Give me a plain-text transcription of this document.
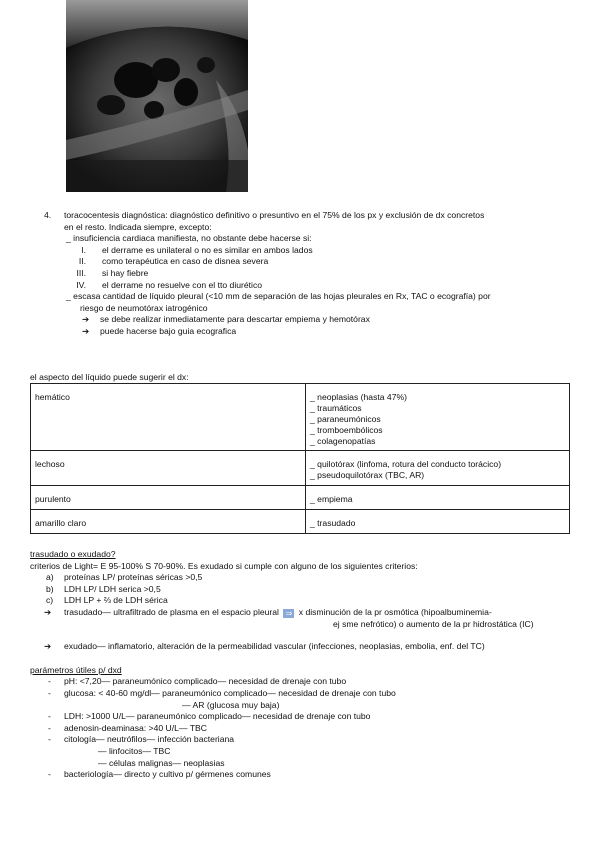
4. toracocentesis diagnóstica: diagnóstico definitivo o presuntivo en el 75% de los px y exclusión de dx concretos
en el resto. Indicada siempre, excepto:
_ insuficiencia cardiaca manifiesta, no obstante debe hacerse si:
I. el derrame es unilateral o no es similar en ambos lados
II. como terapéutica en caso de disnea severa
III. si hay fiebre
IV. el derrame no resuelve con el tto diurético
_ escasa cantidad de líquido pleural (<10 mm de separación de las hojas pleurales en Rx, TAC o ecografía) por
riesgo de neumotórax iatrogénico
➔ se debe realizar inmediatamente para descartar empiema y hemotórax
➔ puede hacerse bajo guia ecografica
el aspecto del líquido puede sugerir el dx:
hemático	_ neoplasias (hasta 47%)
_ traumáticos
_ paraneumónicos
_ tromboembólicos
_ colagenopatías

lechoso	_ quilotórax (linfoma, rotura del conducto torácico)
_ pseudoquilotórax (TBC, AR)

purulento	_ empiema

amarillo claro	_ trasudado
trasudado o exudado?
criterios de Light= E 95-100% S 70-90%. Es exudado si cumple con alguno de los siguientes criterios:
a) proteínas LP/ proteínas séricas >0,5
b) LDH LP/ LDH serica >0,5
c) LDH LP + ⅔ de LDH sérica
➔ trasudado— ultrafiltrado de plasma en el espacio pleural ⇒ x disminución de la pr osmótica (hipoalbuminemia-
ej sme nefrótico) o aumento de la pr hidrostática (IC)
➔ exudado— inflamatorio, alteración de la permeabilidad vascular (infecciones, neoplasias, embolia, enf. del TC)
parámetros útiles p/ dxd
- pH: <7,20— paraneumónico complicado— necesidad de drenaje con tubo
- glucosa: < 40-60 mg/dl— paraneumónico complicado— necesidad de drenaje con tubo
— AR (glucosa muy baja)
- LDH: >1000 U/L— paraneumónico complicado— necesidad de drenaje con tubo
- adenosin-deaminasa: >40 U/L— TBC
- citología— neutrófilos— infección bacteriana
— linfocitos— TBC
— células malignas— neoplasias
- bacteriología— directo y cultivo p/ gérmenes comunes
